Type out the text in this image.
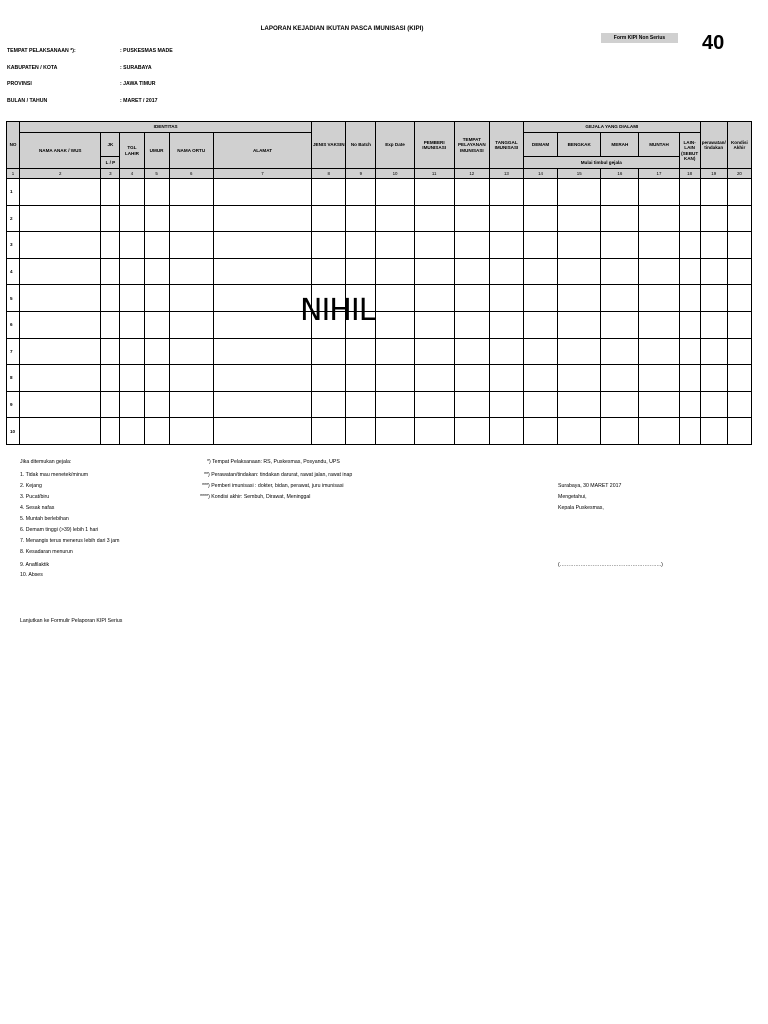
LAPORAN KEJADIAN IKUTAN PASCA IMUNISASI (KIPI)
Form KIPI Non Serius	40
TEMPAT PELAKSANAAN *):	: PUSKESMAS MADE
KABUPATEN / KOTA	: SURABAYA
PROVINSI	: JAWA TIMUR
BULAN / TAHUN	: MARET / 2017
NO	IDENTITAS						JENIS VAKSIN	No Batch	Exp Date	PEMBERI IMUNISASI	TEMPAT PELAYANAN IMUNISASI	TANGGAL IMUNISASI	GEJALA YANG DIALAMI					perawatan/ tindakan	Kondisi Akhir
	NAMA ANAK / WUS	JK	TGL LAHIR	UMUR	NAMA ORTU	ALAMAT							DEMAM	BENGKAK	MERAH	MUNTAH	LAIN-LAIN (SEBUT KAN)		
		L / P											Mulai timbul gejala						
1	2	3	4	5	6	7	8	9	10	11	12	13	14	15	16	17	18	19	20
1																			
2																			
3																			
4																			
5																			
6																			
7																			
8																			
9																			
10																			
NIHIL
Jika ditemukan gejala:
1. Tidak mau menetek/minum
2. Kejang
3. Pucat/biru
4. Sesak nafas
5. Muntah berlebihan
6. Demam tinggi (>39) lebih 1 hari
7. Menangis terus menerus lebih dari 3 jam
8. Kesadaran menurun
9. Anafilaktik
10. Abses
*) Tempat Pelaksanaan: RS, Puskesmas, Posyandu, UPS
**) Perawatan/tindakan: tindakan darurat, rawat jalan, rawat inap
***) Pemberi imunisasi : dokter, bidan, perawat, juru imunisasi
****) Kondisi akhir: Sembuh, Dirawat, Meninggal
Surabaya, 30 MARET 2017
Mengetahui,
Kepala Puskesmas,
(…………………………………………………..)
Lanjutkan ke Formulir Pelaporan KIPI Serius
